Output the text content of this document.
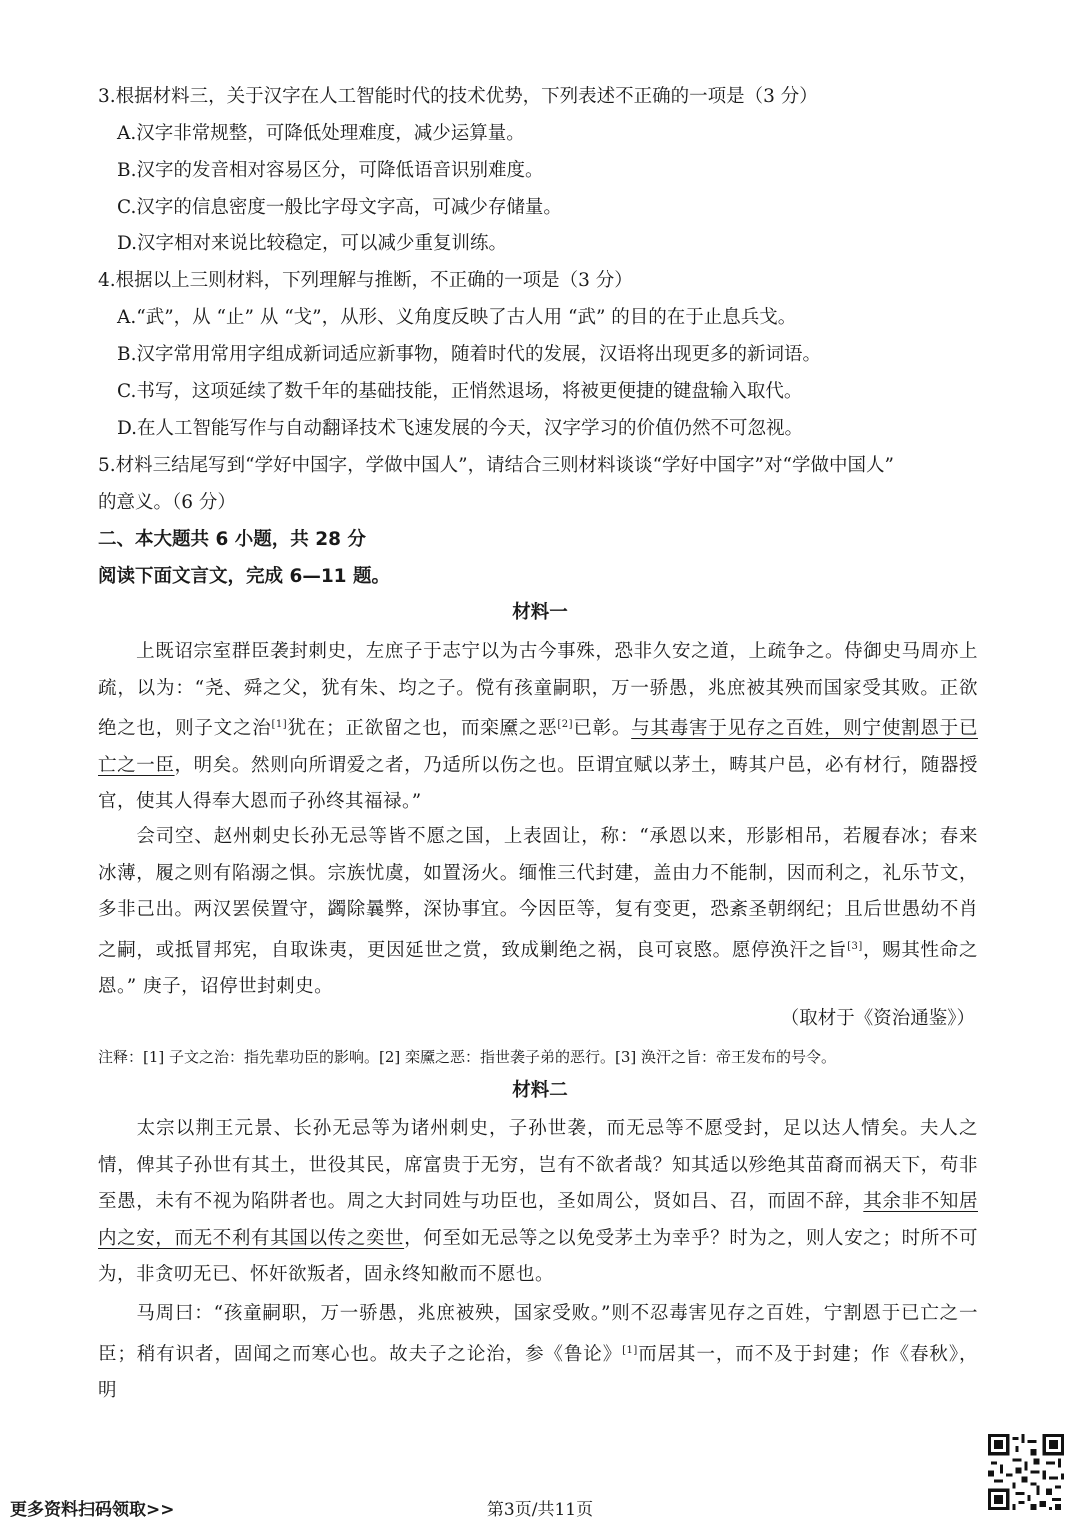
3.根据材料三，关于汉字在人工智能时代的技术优势，下列表述不正确的一项是（3 分）
A.汉字非常规整，可降低处理难度，减少运算量。
B.汉字的发音相对容易区分，可降低语音识别难度。
C.汉字的信息密度一般比字母文字高，可减少存储量。
D.汉字相对来说比较稳定，可以减少重复训练。
4.根据以上三则材料，下列理解与推断，不正确的一项是（3 分）
A.“武”，从 “止” 从 “戈”，从形、义角度反映了古人用 “武” 的目的在于止息兵戈。
B.汉字常用常用字组成新词适应新事物，随着时代的发展，汉语将出现更多的新词语。
C.书写，这项延续了数千年的基础技能，正悄然退场，将被更便捷的键盘输入取代。
D.在人工智能写作与自动翻译技术飞速发展的今天，汉字学习的价值仍然不可忽视。
5.材料三结尾写到“学好中国字，学做中国人”，请结合三则材料谈谈“学好中国字”对“学做中国人”
的意义。（6 分）
二、本大题共 6 小题，共 28 分
阅读下面文言文，完成 6—11 题。
材料一
上既诏宗室群臣袭封刺史，左庶子于志宁以为古今事殊，恐非久安之道，上疏争之。侍御史马周亦上疏，以为：“尧、舜之父，犹有朱、均之子。傥有孩童嗣职，万一骄愚，兆庶被其殃而国家受其败。正欲绝之也，则子文之治[1]犹在；正欲留之也，而栾黡之恶[2]已彰。与其毒害于见存之百姓，则宁使割恩于已亡之一臣，明矣。然则向所谓爱之者，乃适所以伤之也。臣谓宜赋以茅土，畴其户邑，必有材行，随器授官，使其人得奉大恩而子孙终其福禄。”
会司空、赵州刺史长孙无忌等皆不愿之国，上表固让，称：“承恩以来，形影相吊，若履春冰；春来冰薄，履之则有陷溺之惧。宗族忧虞，如置汤火。缅惟三代封建，盖由力不能制，因而利之，礼乐节文，多非己出。两汉罢侯置守，蠲除曩弊，深协事宜。今因臣等，复有变更，恐紊圣朝纲纪；且后世愚幼不肖之嗣，或抵冒邦宪，自取诛夷，更因延世之赏，致成剿绝之祸，良可哀愍。愿停涣汗之旨[3]，赐其性命之恩。” 庚子，诏停世封刺史。
（取材于《资治通鉴》）
注释：[1] 子文之治：指先辈功臣的影响。[2] 栾黡之恶：指世袭子弟的恶行。[3] 涣汗之旨：帝王发布的号令。
材料二
太宗以荆王元景、长孙无忌等为诸州刺史，子孙世袭，而无忌等不愿受封，足以达人情矣。夫人之情，俾其子孙世有其土，世役其民，席富贵于无穷，岂有不欲者哉？知其适以殄绝其苗裔而祸天下，苟非至愚，未有不视为陷阱者也。周之大封同姓与功臣也，圣如周公，贤如吕、召，而固不辞，其余非不知居内之安，而无不利有其国以传之奕世，何至如无忌等之以免受茅土为幸乎？时为之，则人安之；时所不可为，非贪叨无已、怀奸欲叛者，固永终知敝而不愿也。
马周曰：“孩童嗣职，万一骄愚，兆庶被殃，国家受败。”则不忍毒害见存之百姓，宁割恩于已亡之一臣；稍有识者，固闻之而寒心也。故夫子之论治，参《鲁论》[1]而居其一，而不及于封建；作《春秋》，明
更多资料扫码领取>>	第3页/共11页
